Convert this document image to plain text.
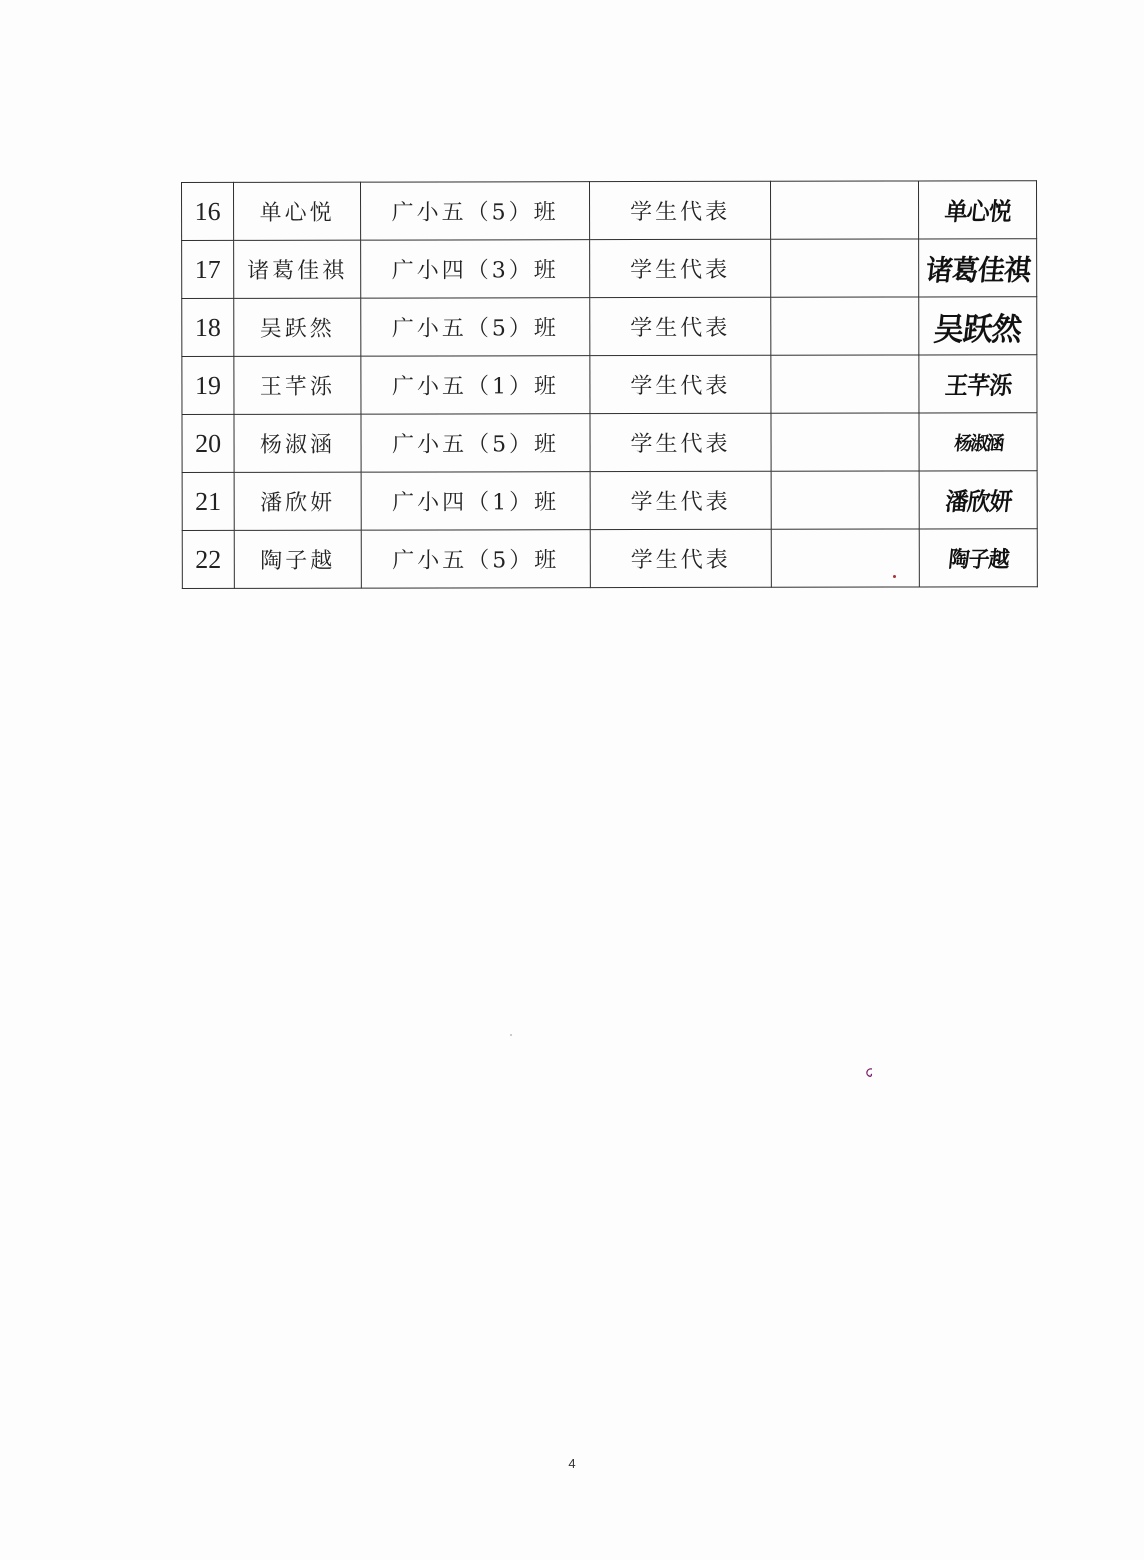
16	单心悦	广小五（5）班	学生代表		单心悦
17	诸葛佳祺	广小四（3）班	学生代表		诸葛佳祺
18	吴跃然	广小五（5）班	学生代表		吴跃然
19	王芊泺	广小五（1）班	学生代表		王芊泺
20	杨淑涵	广小五（5）班	学生代表		杨淑涵
21	潘欣妍	广小四（1）班	学生代表		潘欣妍
22	陶子越	广小五（5）班	学生代表		陶子越
4
